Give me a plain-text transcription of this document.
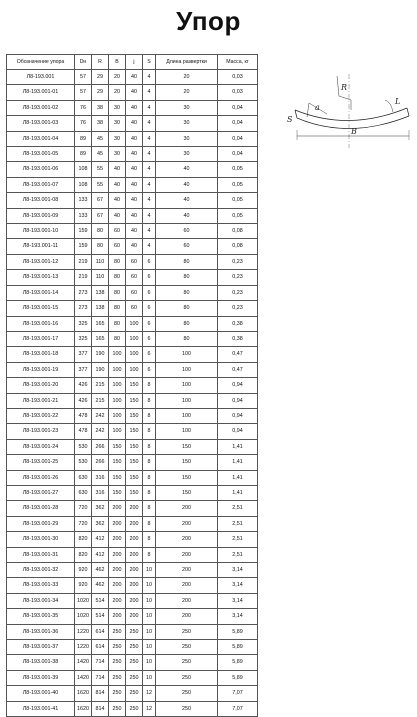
Упор
Обозначение упора	Dн	R	B	j	S	Длина развертки	Масса, кг
Л8-193.001	57	29	20	40	4	20	0,03
Л8-193.001-01	57	29	20	40	4	20	0,03
Л8-193.001-02	76	38	30	40	4	30	0,04
Л8-193.001-03	76	38	30	40	4	30	0,04
Л8-193.001-04	89	45	30	40	4	30	0,04
Л8-193.001-05	89	45	30	40	4	30	0,04
Л8-193.001-06	108	55	40	40	4	40	0,05
Л8-193.001-07	108	55	40	40	4	40	0,05
Л8-193.001-08	133	67	40	40	4	40	0,05
Л8-193.001-09	133	67	40	40	4	40	0,05
Л8-193.001-10	159	80	60	40	4	60	0,08
Л8-193.001-11	159	80	60	40	4	60	0,08
Л8-193.001-12	219	110	80	60	6	80	0,23
Л8-193.001-13	219	110	80	60	6	80	0,23
Л8-193.001-14	273	138	80	60	6	80	0,23
Л8-193.001-15	273	138	80	60	6	80	0,23
Л8-193.001-16	325	165	80	100	6	80	0,38
Л8-193.001-17	325	165	80	100	6	80	0,38
Л8-193.001-18	377	190	100	100	6	100	0,47
Л8-193.001-19	377	190	100	100	6	100	0,47
Л8-193.001-20	426	215	100	150	8	100	0,94
Л8-193.001-21	426	215	100	150	8	100	0,94
Л8-193.001-22	478	242	100	150	8	100	0,94
Л8-193.001-23	478	242	100	150	8	100	0,94
Л8-193.001-24	530	266	150	150	8	150	1,41
Л8-193.001-25	530	266	150	150	8	150	1,41
Л8-193.001-26	630	316	150	150	8	150	1,41
Л8-193.001-27	630	316	150	150	8	150	1,41
Л8-193.001-28	720	362	200	200	8	200	2,51
Л8-193.001-29	720	362	200	200	8	200	2,51
Л8-193.001-30	820	412	200	200	8	200	2,51
Л8-193.001-31	820	412	200	200	8	200	2,51
Л8-193.001-32	920	462	200	200	10	200	3,14
Л8-193.001-33	920	462	200	200	10	200	3,14
Л8-193.001-34	1020	514	200	200	10	200	3,14
Л8-193.001-35	1020	514	200	200	10	200	3,14
Л8-193.001-36	1220	614	250	250	10	250	5,89
Л8-193.001-37	1220	614	250	250	10	250	5,89
Л8-193.001-38	1420	714	250	250	10	250	5,89
Л8-193.001-39	1420	714	250	250	10	250	5,89
Л8-193.001-40	1620	814	250	250	12	250	7,07
Л8-193.001-41	1620	814	250	250	12	250	7,07
R
S
B
L
a
